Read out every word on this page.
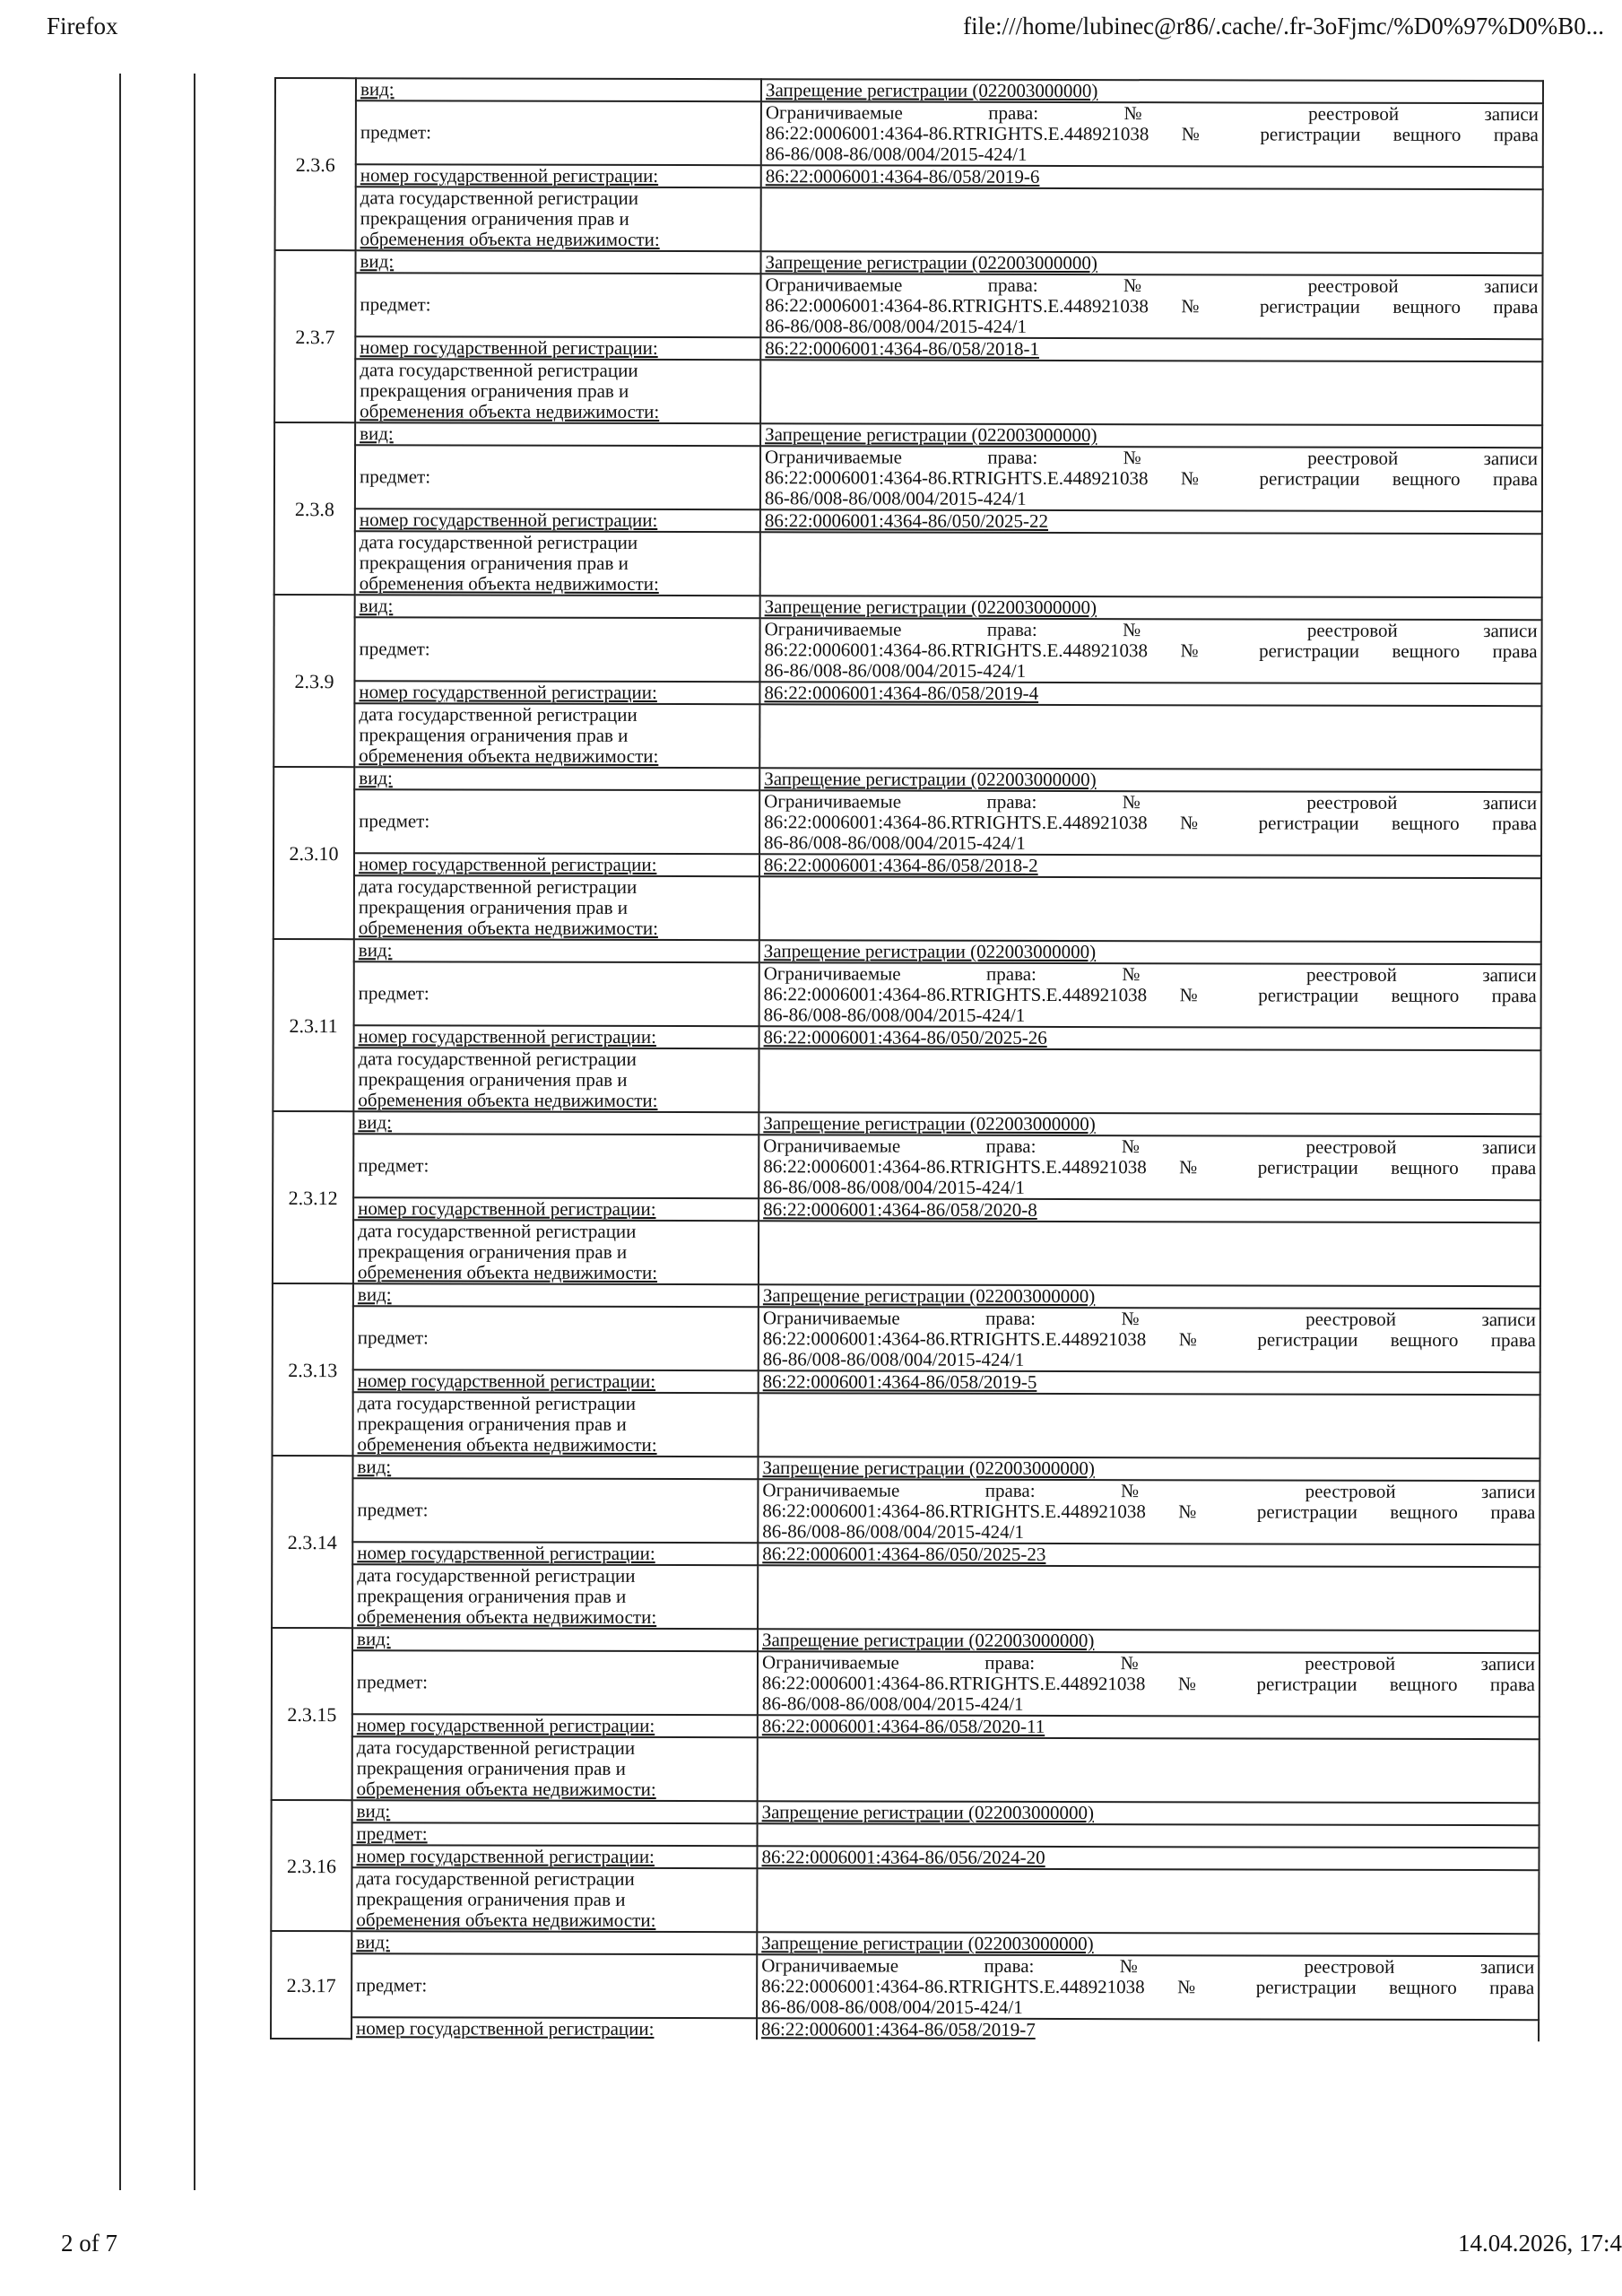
Firefox	file:///home/lubinec@r86/.cache/.fr-3oFjmc/%D0%97%D0%B0...
2.3.6	вид:	Запрещение регистрации (022003000000)
	предмет:	Ограничиваемые права: № реестровой записи
86:22:0006001:4364-86.RTRIGHTS.E.448921038 № регистрации вещного права
86-86/008-86/008/004/2015-424/1

	номер государственной регистрации:	86:22:0006001:4364-86/058/2019-6

	дата государственной регистрации
прекращения ограничения прав и
обременения объекта недвижимости:	

2.3.7	вид:	Запрещение регистрации (022003000000)
	предмет:	Ограничиваемые права: № реестровой записи
86:22:0006001:4364-86.RTRIGHTS.E.448921038 № регистрации вещного права
86-86/008-86/008/004/2015-424/1

	номер государственной регистрации:	86:22:0006001:4364-86/058/2018-1

	дата государственной регистрации
прекращения ограничения прав и
обременения объекта недвижимости:	

2.3.8	вид:	Запрещение регистрации (022003000000)
	предмет:	Ограничиваемые права: № реестровой записи
86:22:0006001:4364-86.RTRIGHTS.E.448921038 № регистрации вещного права
86-86/008-86/008/004/2015-424/1

	номер государственной регистрации:	86:22:0006001:4364-86/050/2025-22

	дата государственной регистрации
прекращения ограничения прав и
обременения объекта недвижимости:	

2.3.9	вид:	Запрещение регистрации (022003000000)
	предмет:	Ограничиваемые права: № реестровой записи
86:22:0006001:4364-86.RTRIGHTS.E.448921038 № регистрации вещного права
86-86/008-86/008/004/2015-424/1

	номер государственной регистрации:	86:22:0006001:4364-86/058/2019-4

	дата государственной регистрации
прекращения ограничения прав и
обременения объекта недвижимости:	

2.3.10	вид:	Запрещение регистрации (022003000000)
	предмет:	Ограничиваемые права: № реестровой записи
86:22:0006001:4364-86.RTRIGHTS.E.448921038 № регистрации вещного права
86-86/008-86/008/004/2015-424/1

	номер государственной регистрации:	86:22:0006001:4364-86/058/2018-2

	дата государственной регистрации
прекращения ограничения прав и
обременения объекта недвижимости:	

2.3.11	вид:	Запрещение регистрации (022003000000)
	предмет:	Ограничиваемые права: № реестровой записи
86:22:0006001:4364-86.RTRIGHTS.E.448921038 № регистрации вещного права
86-86/008-86/008/004/2015-424/1

	номер государственной регистрации:	86:22:0006001:4364-86/050/2025-26

	дата государственной регистрации
прекращения ограничения прав и
обременения объекта недвижимости:	

2.3.12	вид:	Запрещение регистрации (022003000000)
	предмет:	Ограничиваемые права: № реестровой записи
86:22:0006001:4364-86.RTRIGHTS.E.448921038 № регистрации вещного права
86-86/008-86/008/004/2015-424/1

	номер государственной регистрации:	86:22:0006001:4364-86/058/2020-8

	дата государственной регистрации
прекращения ограничения прав и
обременения объекта недвижимости:	

2.3.13	вид:	Запрещение регистрации (022003000000)
	предмет:	Ограничиваемые права: № реестровой записи
86:22:0006001:4364-86.RTRIGHTS.E.448921038 № регистрации вещного права
86-86/008-86/008/004/2015-424/1

	номер государственной регистрации:	86:22:0006001:4364-86/058/2019-5

	дата государственной регистрации
прекращения ограничения прав и
обременения объекта недвижимости:	

2.3.14	вид:	Запрещение регистрации (022003000000)
	предмет:	Ограничиваемые права: № реестровой записи
86:22:0006001:4364-86.RTRIGHTS.E.448921038 № регистрации вещного права
86-86/008-86/008/004/2015-424/1

	номер государственной регистрации:	86:22:0006001:4364-86/050/2025-23

	дата государственной регистрации
прекращения ограничения прав и
обременения объекта недвижимости:	

2.3.15	вид:	Запрещение регистрации (022003000000)
	предмет:	Ограничиваемые права: № реестровой записи
86:22:0006001:4364-86.RTRIGHTS.E.448921038 № регистрации вещного права
86-86/008-86/008/004/2015-424/1

	номер государственной регистрации:	86:22:0006001:4364-86/058/2020-11

	дата государственной регистрации
прекращения ограничения прав и
обременения объекта недвижимости:	

2.3.16	вид:	Запрещение регистрации (022003000000)
	предмет:	
	номер государственной регистрации:	86:22:0006001:4364-86/056/2024-20

	дата государственной регистрации
прекращения ограничения прав и
обременения объекта недвижимости:	

2.3.17	вид:	Запрещение регистрации (022003000000)
	предмет:	Ограничиваемые права: № реестровой записи
86:22:0006001:4364-86.RTRIGHTS.E.448921038 № регистрации вещного права
86-86/008-86/008/004/2015-424/1

	номер государственной регистрации:	86:22:0006001:4364-86/058/2019-7
2 of 7	14.04.2026, 17:4
